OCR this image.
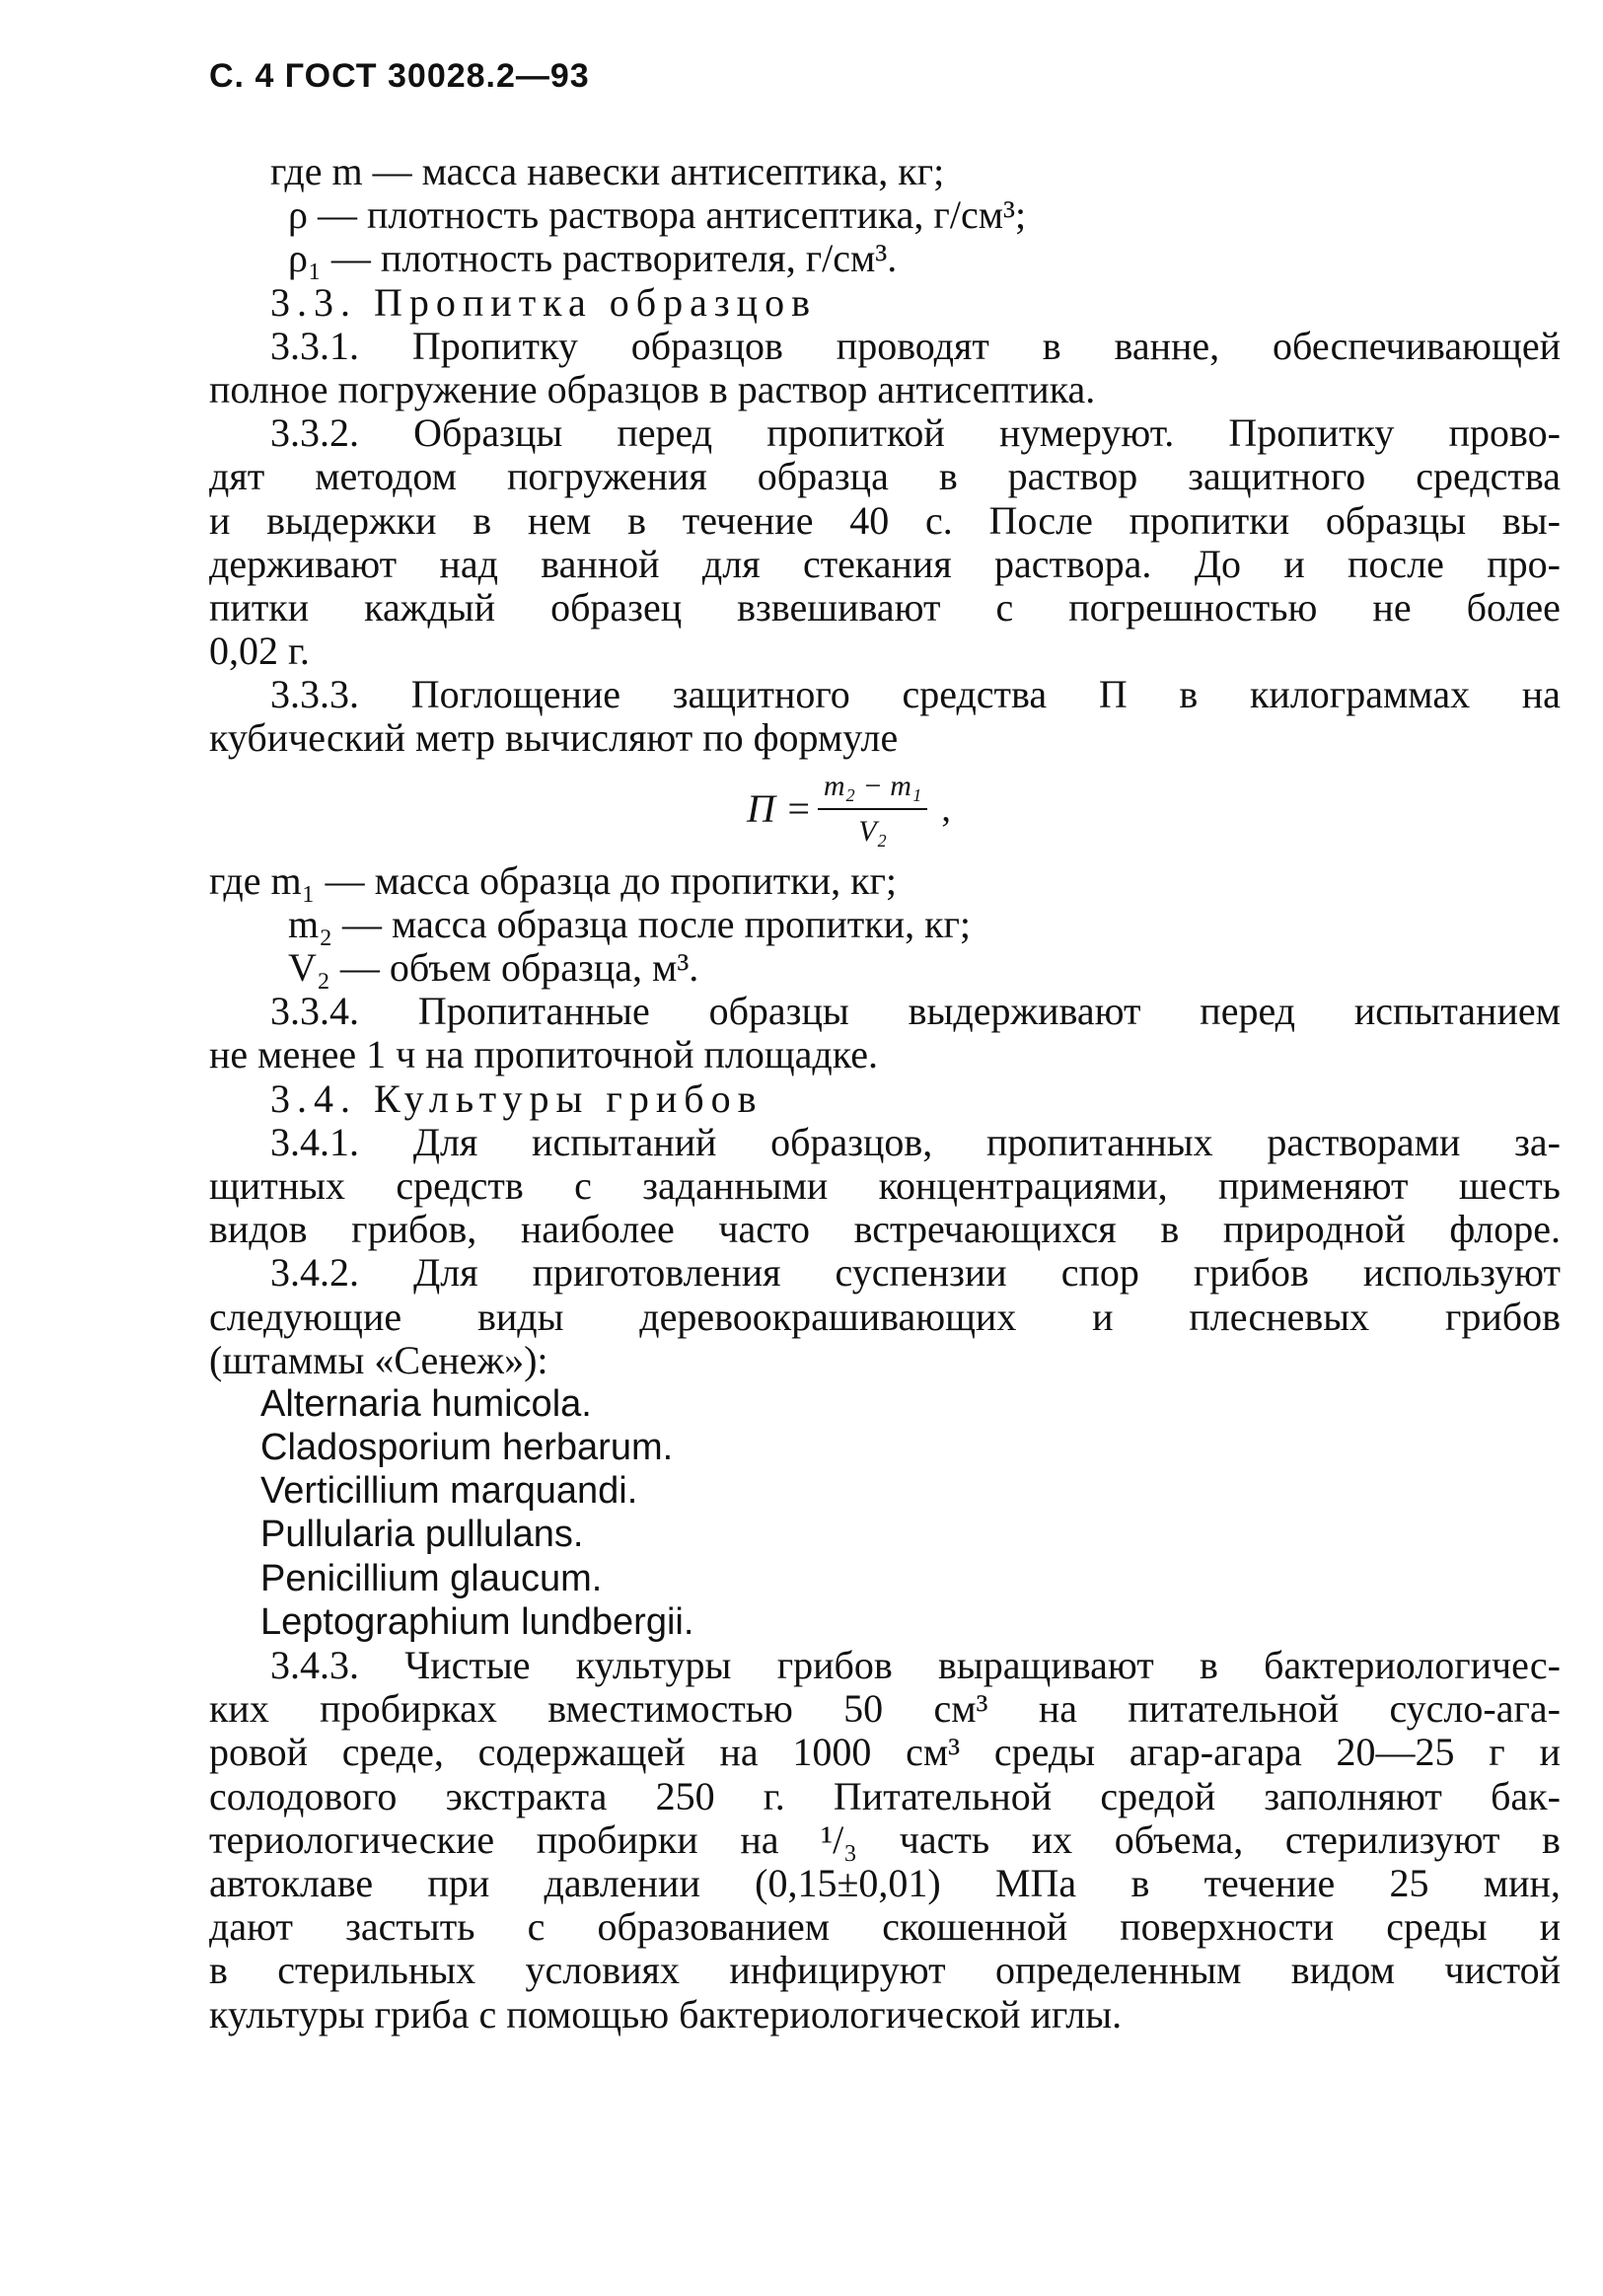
С. 4 ГОСТ 30028.2—93
где m — масса навески антисептика, кг;
ρ — плотность раствора антисептика, г/см³;
ρ₁ — плотность растворителя, г/см³.
3.3. Пропитка образцов
3.3.1. Пропитку образцов проводят в ванне, обеспечивающей
полное погружение образцов в раствор антисептика.
3.3.2. Образцы перед пропиткой нумеруют. Пропитку прово-
дят методом погружения образца в раствор защитного средства
и выдержки в нем в течение 40 с. После пропитки образцы вы-
держивают над ванной для стекания раствора. До и после про-
питки каждый образец взвешивают с погрешностью не более
0,02 г.
3.3.3. Поглощение защитного средства П в килограммах на
кубический метр вычисляют по формуле
$П = \frac{\text{m₂ − m₁}}{\text{V₂}}$ ,
где m₁ — масса образца до пропитки, кг;
m₂ — масса образца после пропитки, кг;
V₂ — объем образца, м³.
3.3.4. Пропитанные образцы выдерживают перед испытанием
не менее 1 ч на пропиточной площадке.
3.4. Культуры грибов
3.4.1. Для испытаний образцов, пропитанных растворами за-
щитных средств с заданными концентрациями, применяют шесть
видов грибов, наиболее часто встречающихся в природной флоре.
3.4.2. Для приготовления суспензии спор грибов используют
следующие виды деревоокрашивающих и плесневых грибов
(штаммы «Сенеж»):
Alternaria humicola.
Cladosporium herbarum.
Verticillium marquandi.
Pullularia pullulans.
Penicillium glaucum.
Leptographium lundbergii.
3.4.3. Чистые культуры грибов выращивают в бактериологичес-
ких пробирках вместимостью 50 см³ на питательной сусло-ага-
ровой среде, содержащей на 1000 см³ среды агар-агара 20—25 г и
солодового экстракта 250 г. Питательной средой заполняют бак-
териологические пробирки на ¹/₃ часть их объема, стерилизуют в
автоклаве при давлении (0,15±0,01) МПа в течение 25 мин,
дают застыть с образованием скошенной поверхности среды и
в стерильных условиях инфицируют определенным видом чистой
культуры гриба с помощью бактериологической иглы.
